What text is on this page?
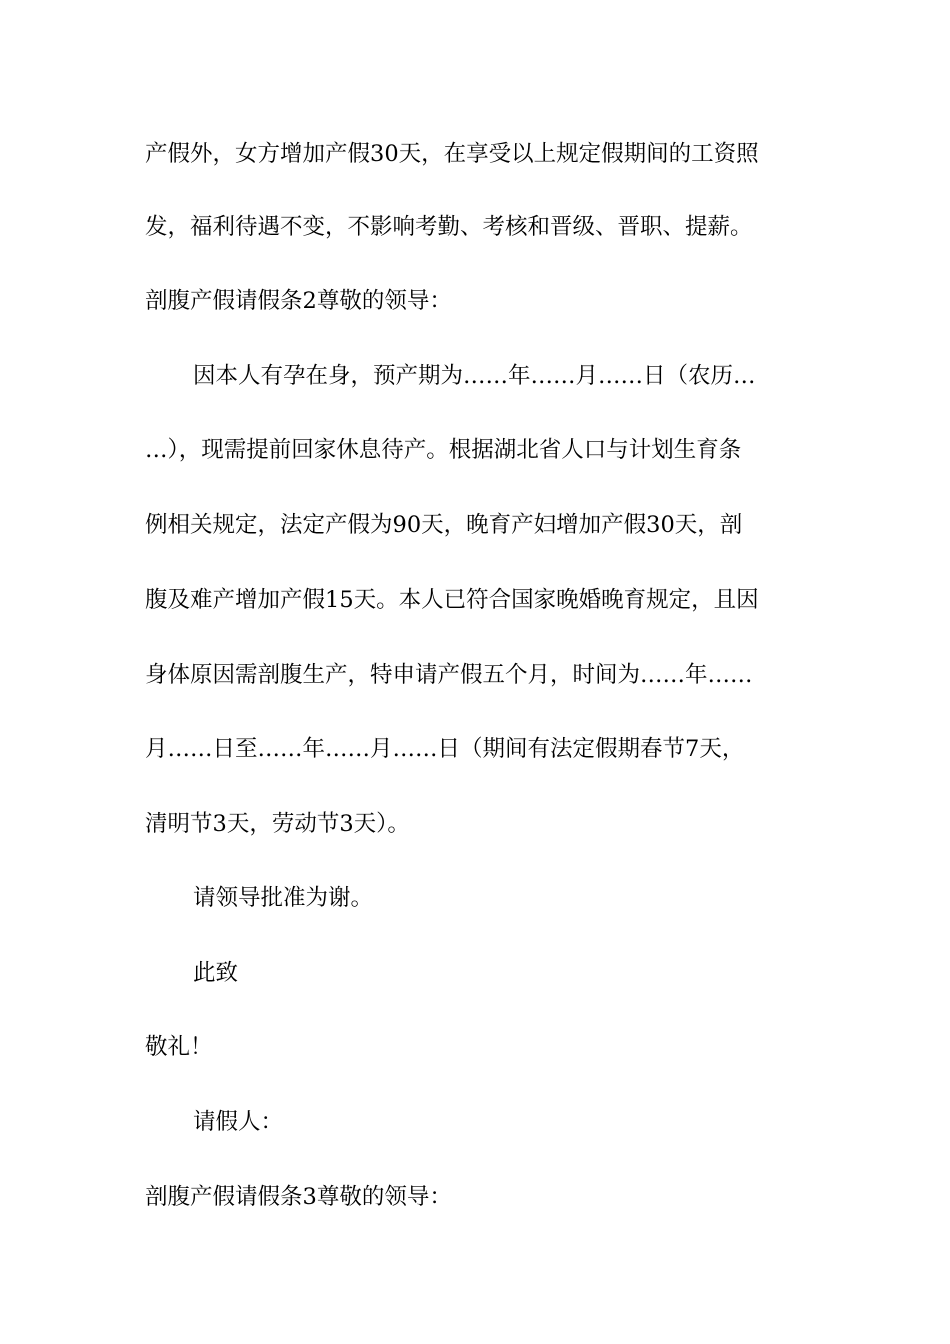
产假外，女方增加产假30天，在享受以上规定假期间的工资照
发，福利待遇不变，不影响考勤、考核和晋级、晋职、提薪。
剖腹产假请假条2尊敬的领导：
因本人有孕在身，预产期为……年……月……日（农历…
…），现需提前回家休息待产。根据湖北省人口与计划生育条
例相关规定，法定产假为90天，晚育产妇增加产假30天，剖
腹及难产增加产假15天。本人已符合国家晚婚晚育规定，且因
身体原因需剖腹生产，特申请产假五个月，时间为……年……
月……日至……年……月……日（期间有法定假期春节7天，
清明节3天，劳动节3天）。
请领导批准为谢。
此致
敬礼！
请假人：
剖腹产假请假条3尊敬的领导：
